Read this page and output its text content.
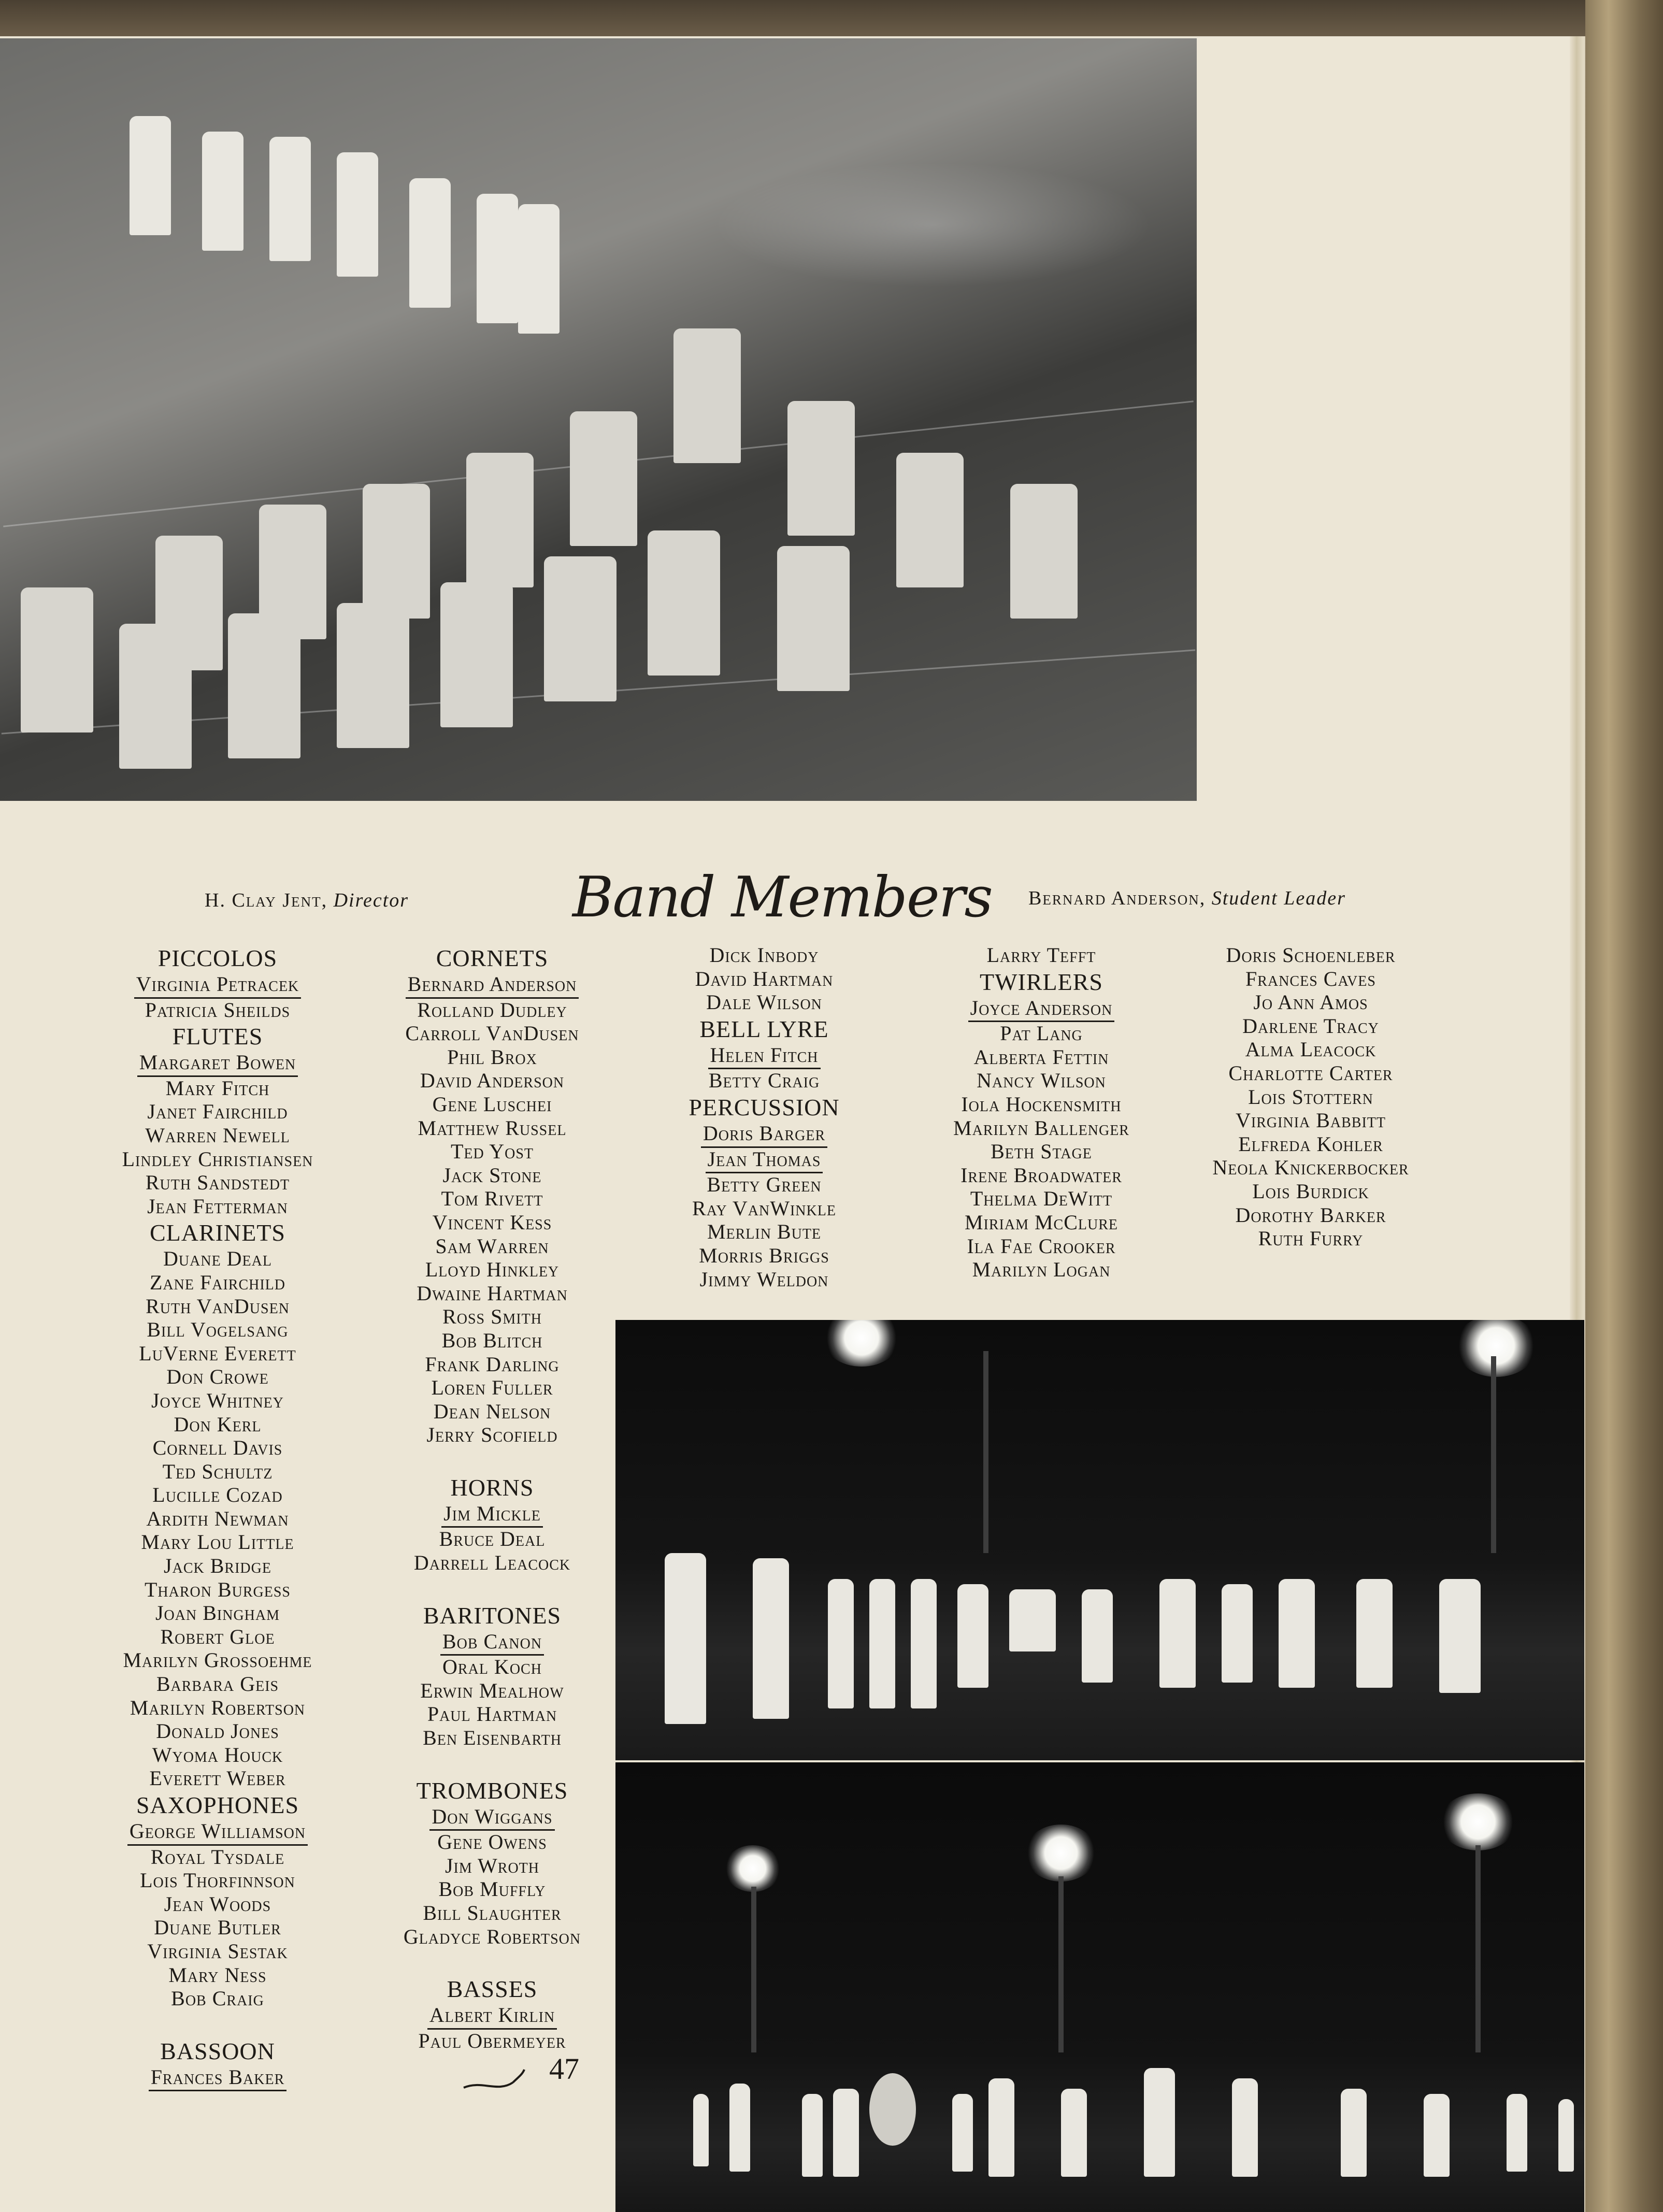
H. Clay Jent, Director	Band Members Bernard Anderson, Student Leader
PICCOLOS
Virginia Petracek
Patricia Sheilds
FLUTES
Margaret Bowen
Mary Fitch
Janet Fairchild
Warren Newell
Lindley Christiansen
Ruth Sandstedt
Jean Fetterman
CLARINETS
Duane Deal
Zane Fairchild
Ruth VanDusen
Bill Vogelsang
LuVerne Everett
Don Crowe
Joyce Whitney
Don Kerl
Cornell Davis
Ted Schultz
Lucille Cozad
Ardith Newman
Mary Lou Little
Jack Bridge
Tharon Burgess
Joan Bingham
Robert Gloe
Marilyn Grossoehme
Barbara Geis
Marilyn Robertson
Donald Jones
Wyoma Houck
Everett Weber
SAXOPHONES
George Williamson
Royal Tysdale
Lois Thorfinnson
Jean Woods
Duane Butler
Virginia Sestak
Mary Ness
Bob Craig
BASSOON
Frances Baker
CORNETS
Bernard Anderson
Rolland Dudley
Carroll VanDusen
Phil Brox
David Anderson
Gene Luschei
Matthew Russel
Ted Yost
Jack Stone
Tom Rivett
Vincent Kess
Sam Warren
Lloyd Hinkley
Dwaine Hartman
Ross Smith
Bob Blitch
Frank Darling
Loren Fuller
Dean Nelson
Jerry Scofield
HORNS
Jim Mickle
Bruce Deal
Darrell Leacock
BARITONES
Bob Canon
Oral Koch
Erwin Mealhow
Paul Hartman
Ben Eisenbarth
TROMBONES
Don Wiggans
Gene Owens
Jim Wroth
Bob Muffly
Bill Slaughter
Gladyce Robertson
BASSES
Albert Kirlin
Paul Obermeyer
Dick Inbody
David Hartman
Dale Wilson
BELL LYRE
Helen Fitch
Betty Craig
PERCUSSION
Doris Barger
Jean Thomas
Betty Green
Ray VanWinkle
Merlin Bute
Morris Briggs
Jimmy Weldon
Larry Tefft
TWIRLERS
Joyce Anderson
Pat Lang
Alberta Fettin
Nancy Wilson
Iola Hockensmith
Marilyn Ballenger
Beth Stage
Irene Broadwater
Thelma DeWitt
Miriam McClure
Ila Fae Crooker
Marilyn Logan
Doris Schoenleber
Frances Caves
Jo Ann Amos
Darlene Tracy
Alma Leacock
Charlotte Carter
Lois Stottern
Virginia Babbitt
Elfreda Kohler
Neola Knickerbocker
Lois Burdick
Dorothy Barker
Ruth Furry
47
